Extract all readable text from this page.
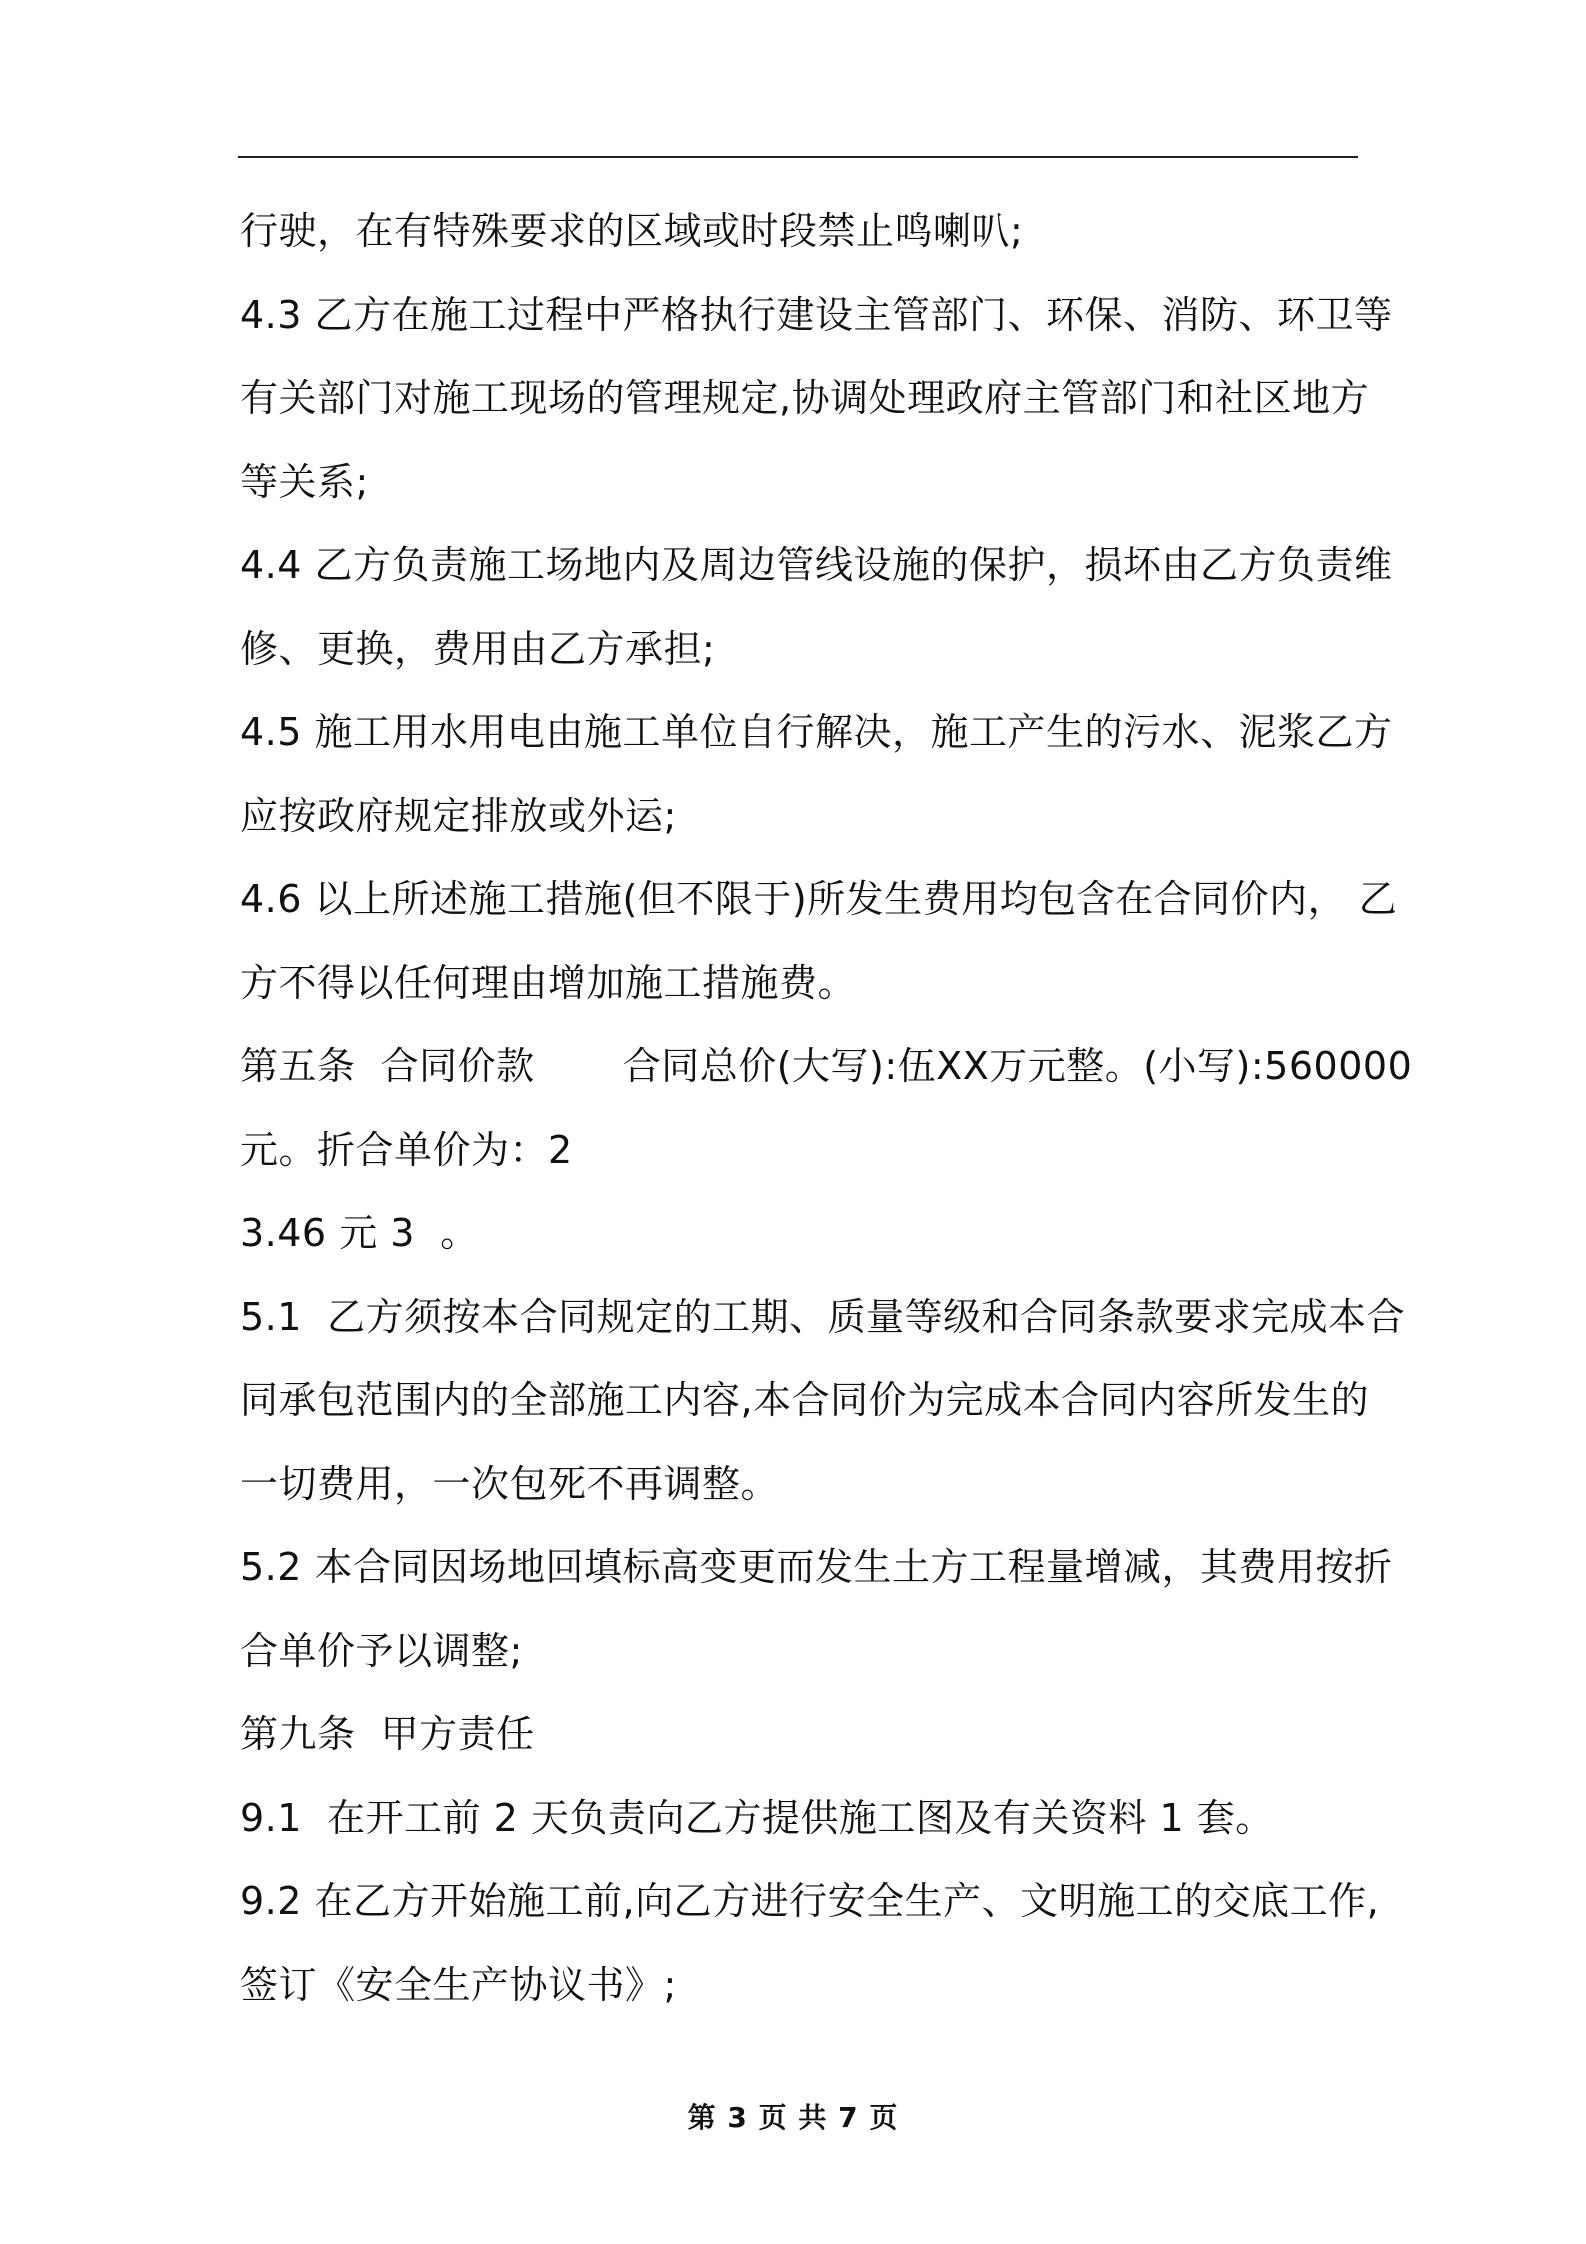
行驶，在有特殊要求的区域或时段禁止鸣喇叭;
4.3 乙方在施工过程中严格执行建设主管部门、环保、消防、环卫等
有关部门对施工现场的管理规定,协调处理政府主管部门和社区地方
等关系;
4.4 乙方负责施工场地内及周边管线设施的保护，损坏由乙方负责维
修、更换，费用由乙方承担;
4.5 施工用水用电由施工单位自行解决，施工产生的污水、泥浆乙方
应按政府规定排放或外运;
4.6 以上所述施工措施(但不限于)所发生费用均包含在合同价内， 乙
方不得以任何理由增加施工措施费。
第五条  合同价款       合同总价(大写):伍XX万元整。(小写):560000
元。折合单价为：2
3.46 元 3  。
5.1  乙方须按本合同规定的工期、质量等级和合同条款要求完成本合
同承包范围内的全部施工内容,本合同价为完成本合同内容所发生的
一切费用，一次包死不再调整。
5.2 本合同因场地回填标高变更而发生土方工程量增减，其费用按折
合单价予以调整;
第九条  甲方责任
9.1  在开工前 2 天负责向乙方提供施工图及有关资料 1 套。
9.2 在乙方开始施工前,向乙方进行安全生产、文明施工的交底工作,
签订《安全生产协议书》;
第 3 页 共 7 页
